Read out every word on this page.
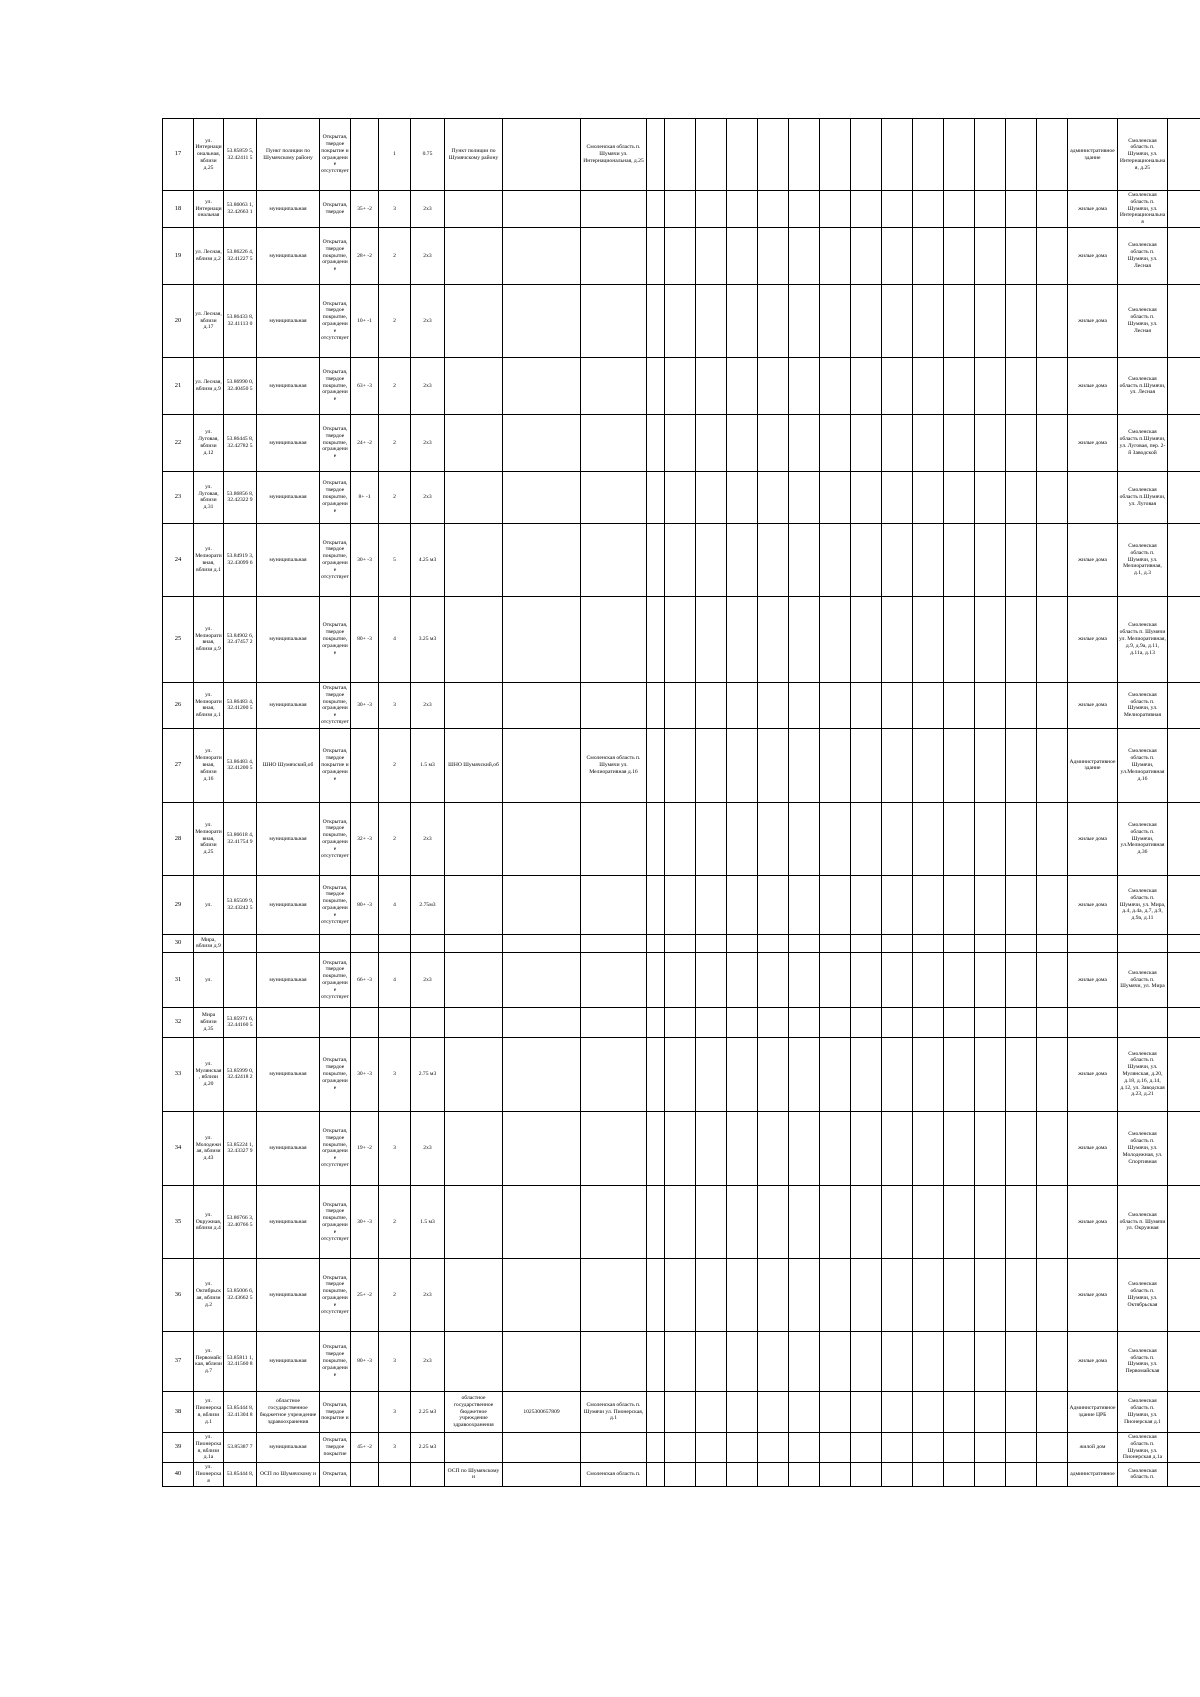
17	ул. Интернациональная, вблизи д.25	53.85859 5, 32.42411 5	Пункт полиции по Шумячскому району	Открытая, твердое покрытие и ограждение отсутствует		1	0.75	Пункт полиции по Шумячскому району		Смоленская область п. Шумячи ул. Интернациональная, д.25															административное здание	Смоленская область п. Шумячи, ул. Интернациональная, д.25	
18	ул. Интернациональная	53.86063 1, 32.42663 1	муниципальная	Открытая, твердое	35+ -2	3	2х3																		жилые дома	Смоленская область п. Шумячи, ул. Интернациональная	
19	ул. Лесная, вблизи д.2	53.86226 4, 32.41227 5	муниципальная	Открытая, твердое покрытие, ограждение	28+ -2	2	2х3																		жилые дома	Смоленская область п. Шумячи, ул. Лесная	
20	ул. Лесная, вблизи д.17	53.86433 8, 32.41113 0	муниципальная	Открытая, твердое покрытие, ограждение отсутствует	10+ -1	2	2х3																		жилые дома	Смоленская область п. Шумячи, ул. Лесная	
21	ул. Лесная, вблизи д.9	53.86990 0, 32.40450 5	муниципальная	Открытая, твердое покрытие, ограждение	63+ -3	2	2х3																		жилые дома	Смоленская область п.Шумячи, ул. Лесная	
22	ул. Луговая, вблизи д.12	53.86445 8, 32.42782 5	муниципальная	Открытая, твердое покрытие, ограждение	24+ -2	2	2х3																		жилые дома	Смоленская область п.Шумячи, ул. Луговая, пер. 2-й Заводской	
23	ул. Луговая, вблизи д.31	53.86856 8, 32.42322 9	муниципальная	Открытая, твердое покрытие, ограждение	8+ -1	2	2х3																			Смоленская область п.Шумячи, ул. Луговая	
24	ул. Мелиоративная, вблизи д.1	53.84919 3, 32.43099 6	муниципальная	Открытая, твердое покрытие, ограждение отсутствует	30+ -3	5	4.25 м3																		жилые дома	Смоленская область п. Шумячи, ул. Мелиоративная, д.1, д.3	
25	ул. Мелиоративная, вблизи д.9	53.84902 6, 32.47457 2	муниципальная	Открытая, твердое покрытие, ограждение	80+ -3	4	3.25 м3																		жилые дома	Смоленская область п. Шумячи ул. Мелиоративная, д.9, д.9а, д.11, д.11а, д.13	
26	ул. Мелиоративная, вблизи д.1	53.86483 4, 32.41200 5	муниципальная	Открытая, твердое покрытие, ограждение отсутствует	30+ -3	3	2х3																		жилые дома	Смоленская область п. Шумячи, ул. Мелиоративная	
27	ул. Мелиоративная, вблизи д.16	53.86483 4, 32.41200 5	ШНО Шумячский,об	Открытая, твердое покрытие и ограждение		2	1.5 м3	ШНО Шумячский,об		Смоленская область п. Шумячи ул. Мелиоративная д.16															Административное здание	Смоленская область п. Шумячи, ул.Мелиоративная д.16	
28	ул. Мелиоративная, вблизи д.25	53.86618 4, 32.41754 9	муниципальная	Открытая, твердое покрытие, ограждение отсутствует	32+ -3	2	2х3																		жилые дома	Смоленская область п. Шумячи, ул.Мелиоративная д.36	
29	ул.	53.85509 9, 32.43242 5	муниципальная	Открытая, твердое покрытие, ограждение отсутствует	80+ -3	4	2.75м3																		жилые дома	Смоленская область п. Шумячи, ул. Мира, д.4, д.4а, д.7, д.9, д.9а, д.11	
30	Мира, вблизи д.9																										
31	ул.		муниципальная	Открытая, твердое покрытие, ограждение отсутствует	66+ -3	4	2х3																		жилые дома	Смоленская область п. Шумячи, ул. Мира	
32	Мира вблизи д.35	53.85971 6, 32.44160 5																									
33	ул. Мулянская, вблизи д.20	53.85999 0, 32.42418 2	муниципальная	Открытая, твердое покрытие, ограждение	30+ -3	3	2.75 м3																		жилые дома	Смоленская область п. Шумячи, ул. Мулянская, д.20, д.18, д.16, д.14, д.12, ул. Заводская д.23, д.21	
34	ул. Молодежная, вблизи д.43	53.85224 1, 32.43327 9	муниципальная	Открытая, твердое покрытие, ограждение отсутствует	19+ -2	3	2х3																		жилые дома	Смоленская область п. Шумячи, ул. Молодежная, ул. Спортивная	
35	ул. Окружная, вблизи д.4	53.86766 3, 32.40766 5	муниципальная	Открытая, твердое покрытие, ограждение отсутствует	30+ -3	2	1.5 м3																		жилые дома	Смоленская область п. Шумячи ул. Окружная	
36	ул. Октябрьская, вблизи д.2	53.85006 6, 32.43662 5	муниципальная	Открытая, твердое покрытие, ограждение отсутствует	25+ -2	2	2х3																		жилые дома	Смоленская область п. Шумячи, ул. Октябрьская	
37	ул. Первомайская, вблизи д.7	53.85811 1, 32.41560 8	муниципальная	Открытая, твердое покрытие, ограждение	80+ -3	3	2х3																		жилые дома	Смоленская область п. Шумячи, ул. Первомайская	
38	ул. Пионерская, вблизи д.1	53.85444 8, 32.41304 8	областное государственное бюджетное учреждение здравоохранения	Открытая, твердое покрытие и		3	2.25 м3	областное государственное бюджетное учреждение здравоохранения	1025300657809	Смоленская область п. Шумячи ул. Пионерская, д.1															Административное здание ЦРБ	Смоленская область п. Шумячи, ул. Пионерская д.1	
39	ул. Пионерская, вблизи д.1а	53.85387 7	муниципальная	Открытая, твердое покрытие	45+ -2	3	2.25 м3																		жилой дом	Смоленская область п. Шумячи, ул. Пионерская д.1а	
40	ул. Пионерская	53.85444 8,	ОСП по Шумячскому и	Открытая,				ОСП по Шумячскому и		Смоленская область п.															административное	Смоленская область п.	
